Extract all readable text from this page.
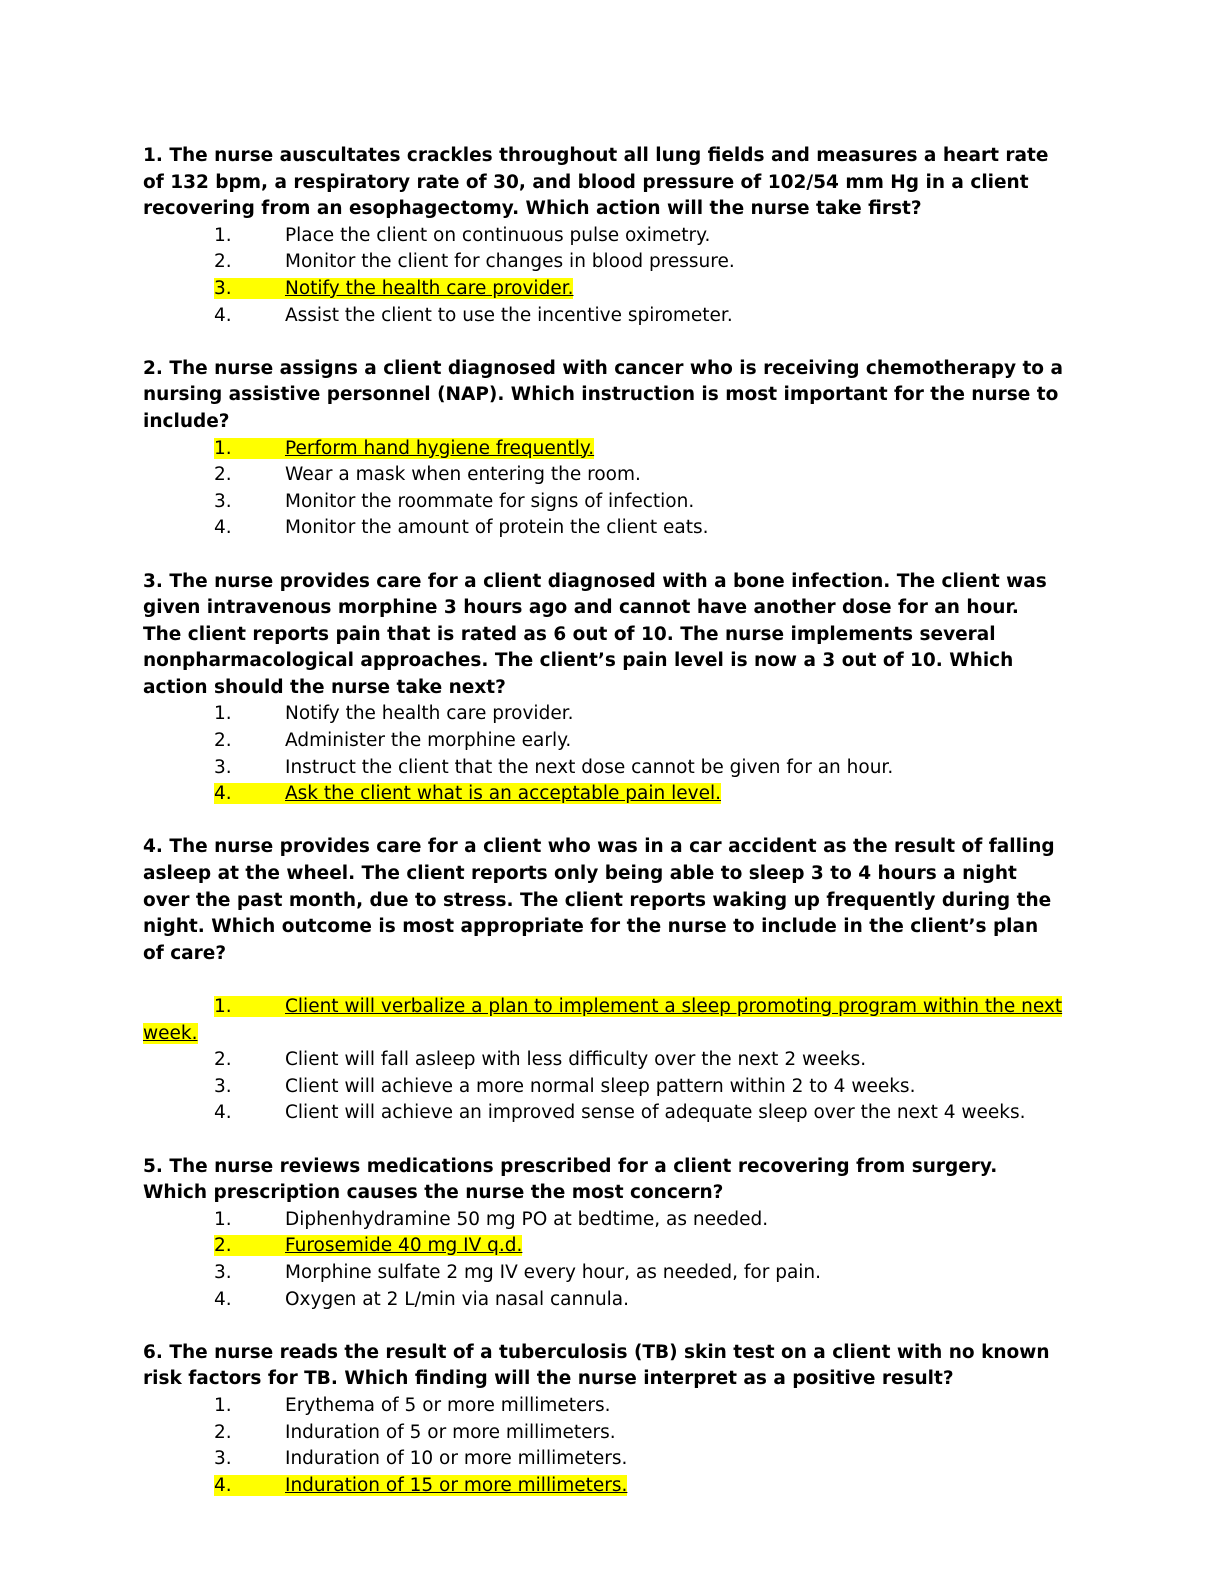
1. The nurse auscultates crackles throughout all lung fields and measures a heart rate of 132 bpm, a respiratory rate of 30, and blood pressure of 102/54 mm Hg in a client recovering from an esophagectomy. Which action will the nurse take first?

1.	Place the client on continuous pulse oximetry.
2.	Monitor the client for changes in blood pressure.
3.	Notify the health care provider.
4.	Assist the client to use the incentive spirometer.

2. The nurse assigns a client diagnosed with cancer who is receiving chemotherapy to a nursing assistive personnel (NAP). Which instruction is most important for the nurse to include?

1.	Perform hand hygiene frequently.
2.	Wear a mask when entering the room.
3.	Monitor the roommate for signs of infection.
4.	Monitor the amount of protein the client eats.

3. The nurse provides care for a client diagnosed with a bone infection. The client was given intravenous morphine 3 hours ago and cannot have another dose for an hour. The client reports pain that is rated as 6 out of 10. The nurse implements several nonpharmacological approaches. The client’s pain level is now a 3 out of 10. Which action should the nurse take next?

1.	Notify the health care provider.
2.	Administer the morphine early.
3.	Instruct the client that the next dose cannot be given for an hour.
4.	Ask the client what is an acceptable pain level.

4. The nurse provides care for a client who was in a car accident as the result of falling asleep at the wheel. The client reports only being able to sleep 3 to 4 hours a night over the past month, due to stress. The client reports waking up frequently during the night. Which outcome is most appropriate for the nurse to include in the client’s plan of care?

1.	Client will verbalize a plan to implement a sleep promoting program within the next week.
2.	Client will fall asleep with less difficulty over the next 2 weeks.
3.	Client will achieve a more normal sleep pattern within 2 to 4 weeks.
4.	Client will achieve an improved sense of adequate sleep over the next 4 weeks.

5. The nurse reviews medications prescribed for a client recovering from surgery. Which prescription causes the nurse the most concern?

1.	Diphenhydramine 50 mg PO at bedtime, as needed.
2.	Furosemide 40 mg IV q.d.
3.	Morphine sulfate 2 mg IV every hour, as needed, for pain.
4.	Oxygen at 2 L/min via nasal cannula.

6. The nurse reads the result of a tuberculosis (TB) skin test on a client with no known risk factors for TB. Which finding will the nurse interpret as a positive result?

1.	Erythema of 5 or more millimeters.
2.	Induration of 5 or more millimeters.
3.	Induration of 10 or more millimeters.
4.	Induration of 15 or more millimeters.
